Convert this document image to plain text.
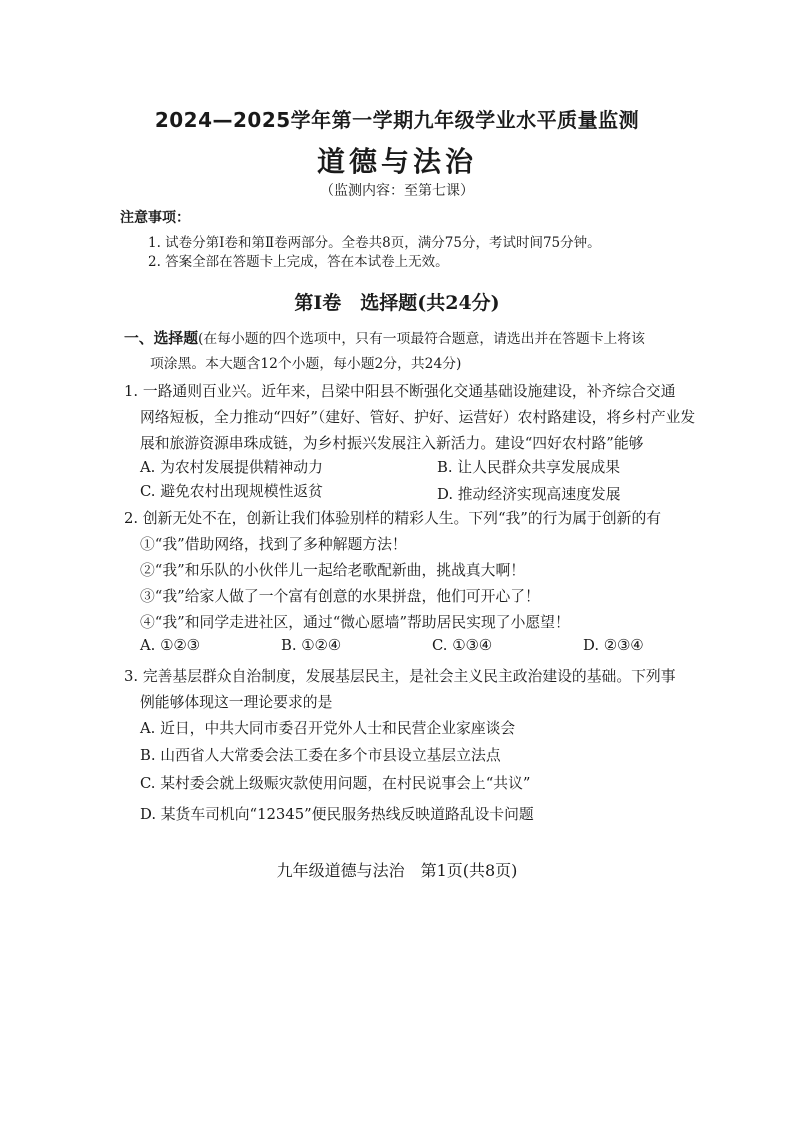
2024—2025学年第一学期九年级学业水平质量监测
道德与法治
（监测内容：至第七课）
注意事项：
1. 试卷分第Ⅰ卷和第Ⅱ卷两部分。全卷共8页，满分75分，考试时间75分钟。
2. 答案全部在答题卡上完成，答在本试卷上无效。
第Ⅰ卷　选择题(共24分)
一、选择题(在每小题的四个选项中，只有一项最符合题意，请选出并在答题卡上将该
项涂黑。本大题含12个小题，每小题2分，共24分)
1. 一路通则百业兴。近年来，吕梁中阳县不断强化交通基础设施建设，补齐综合交通
网络短板，全力推动“四好”（建好、管好、护好、运营好）农村路建设，将乡村产业发
展和旅游资源串珠成链，为乡村振兴发展注入新活力。建设“四好农村路”能够
A. 为农村发展提供精神动力	B. 让人民群众共享发展成果
C. 避免农村出现规模性返贫	D. 推动经济实现高速度发展
2. 创新无处不在，创新让我们体验别样的精彩人生。下列“我”的行为属于创新的有
①“我”借助网络，找到了多种解题方法！
②“我”和乐队的小伙伴儿一起给老歌配新曲，挑战真大啊！
③“我”给家人做了一个富有创意的水果拼盘，他们可开心了！
④“我”和同学走进社区，通过“微心愿墙”帮助居民实现了小愿望！
A. ①②③	B. ①②④	C. ①③④	D. ②③④
3. 完善基层群众自治制度，发展基层民主，是社会主义民主政治建设的基础。下列事
例能够体现这一理论要求的是
A. 近日，中共大同市委召开党外人士和民营企业家座谈会
B. 山西省人大常委会法工委在多个市县设立基层立法点
C. 某村委会就上级赈灾款使用问题，在村民说事会上“共议”
D. 某货车司机向“12345”便民服务热线反映道路乱设卡问题
九年级道德与法治　第1页(共8页)
